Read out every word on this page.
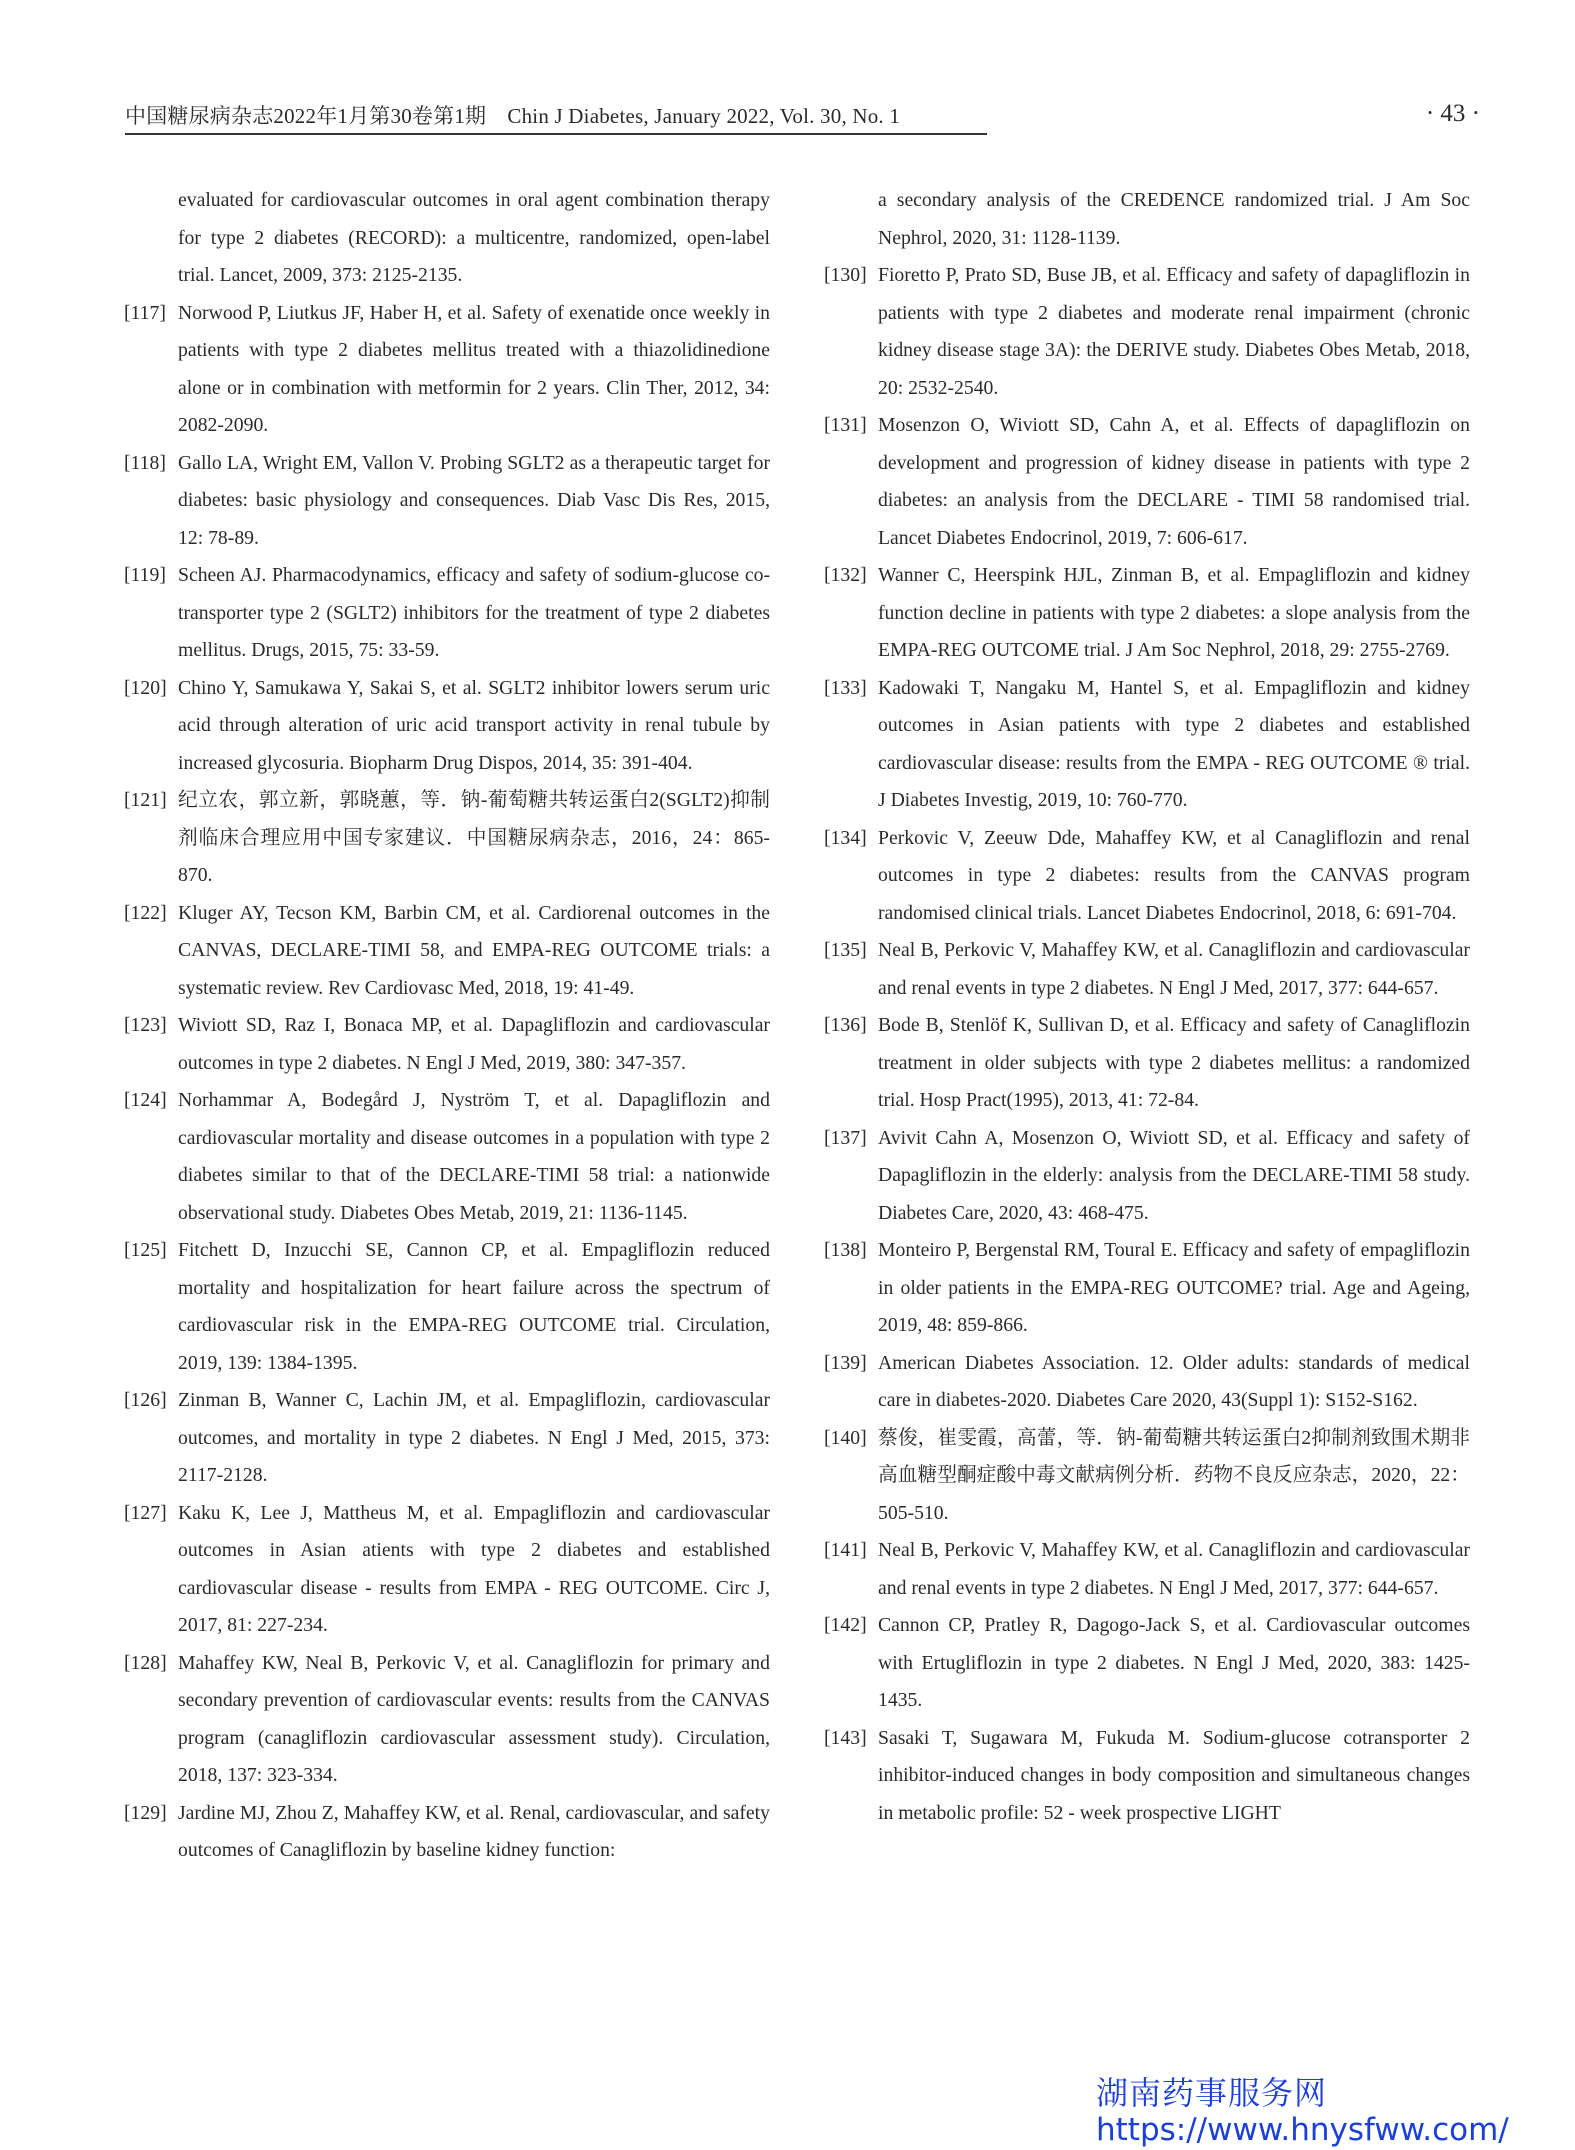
中国糖尿病杂志2022年1月第30卷第1期　Chin J Diabetes, January 2022, Vol. 30, No. 1	· 43 ·

evaluated for cardiovascular outcomes in oral agent combination therapy for type 2 diabetes (RECORD): a multicentre, randomized, open-label trial. Lancet, 2009, 373: 2125-2135.

[117] Norwood P, Liutkus JF, Haber H, et al. Safety of exenatide once weekly in patients with type 2 diabetes mellitus treated with a thiazolidinedione alone or in combination with metformin for 2 years. Clin Ther, 2012, 34: 2082-2090.

[118] Gallo LA, Wright EM, Vallon V. Probing SGLT2 as a therapeutic target for diabetes: basic physiology and consequences. Diab Vasc Dis Res, 2015, 12: 78-89.

[119] Scheen AJ. Pharmacodynamics, efficacy and safety of sodium-glucose co-transporter type 2 (SGLT2) inhibitors for the treatment of type 2 diabetes mellitus. Drugs, 2015, 75: 33-59.

[120] Chino Y, Samukawa Y, Sakai S, et al. SGLT2 inhibitor lowers serum uric acid through alteration of uric acid transport activity in renal tubule by increased glycosuria. Biopharm Drug Dispos, 2014, 35: 391-404.

[121] 纪立农，郭立新，郭晓蕙，等．钠-葡萄糖共转运蛋白2(SGLT2)抑制剂临床合理应用中国专家建议．中国糖尿病杂志，2016，24：865-870.

[122] Kluger AY, Tecson KM, Barbin CM, et al. Cardiorenal outcomes in the CANVAS, DECLARE-TIMI 58, and EMPA-REG OUTCOME trials: a systematic review. Rev Cardiovasc Med, 2018, 19: 41-49.

[123] Wiviott SD, Raz I, Bonaca MP, et al. Dapagliflozin and cardiovascular outcomes in type 2 diabetes. N Engl J Med, 2019, 380: 347-357.

[124] Norhammar A, Bodegård J, Nyström T, et al. Dapagliflozin and cardiovascular mortality and disease outcomes in a population with type 2 diabetes similar to that of the DECLARE-TIMI 58 trial: a nationwide observational study. Diabetes Obes Metab, 2019, 21: 1136-1145.

[125] Fitchett D, Inzucchi SE, Cannon CP, et al. Empagliflozin reduced mortality and hospitalization for heart failure across the spectrum of cardiovascular risk in the EMPA-REG OUTCOME trial. Circulation, 2019, 139: 1384-1395.

[126] Zinman B, Wanner C, Lachin JM, et al. Empagliflozin, cardiovascular outcomes, and mortality in type 2 diabetes. N Engl J Med, 2015, 373: 2117-2128.

[127] Kaku K, Lee J, Mattheus M, et al. Empagliflozin and cardiovascular outcomes in Asian atients with type 2 diabetes and established cardiovascular disease - results from EMPA - REG OUTCOME. Circ J, 2017, 81: 227-234.

[128] Mahaffey KW, Neal B, Perkovic V, et al. Canagliflozin for primary and secondary prevention of cardiovascular events: results from the CANVAS program (canagliflozin cardiovascular assessment study). Circulation, 2018, 137: 323-334.

[129] Jardine MJ, Zhou Z, Mahaffey KW, et al. Renal, cardiovascular, and safety outcomes of Canagliflozin by baseline kidney function:

a secondary analysis of the CREDENCE randomized trial. J Am Soc Nephrol, 2020, 31: 1128-1139.

[130] Fioretto P, Prato SD, Buse JB, et al. Efficacy and safety of dapagliflozin in patients with type 2 diabetes and moderate renal impairment (chronic kidney disease stage 3A): the DERIVE study. Diabetes Obes Metab, 2018, 20: 2532-2540.

[131] Mosenzon O, Wiviott SD, Cahn A, et al. Effects of dapagliflozin on development and progression of kidney disease in patients with type 2 diabetes: an analysis from the DECLARE - TIMI 58 randomised trial. Lancet Diabetes Endocrinol, 2019, 7: 606-617.

[132] Wanner C, Heerspink HJL, Zinman B, et al. Empagliflozin and kidney function decline in patients with type 2 diabetes: a slope analysis from the EMPA-REG OUTCOME trial. J Am Soc Nephrol, 2018, 29: 2755-2769.

[133] Kadowaki T, Nangaku M, Hantel S, et al. Empagliflozin and kidney outcomes in Asian patients with type 2 diabetes and established cardiovascular disease: results from the EMPA - REG OUTCOME ® trial. J Diabetes Investig, 2019, 10: 760-770.

[134] Perkovic V, Zeeuw Dde, Mahaffey KW, et al Canagliflozin and renal outcomes in type 2 diabetes: results from the CANVAS program randomised clinical trials. Lancet Diabetes Endocrinol, 2018, 6: 691-704.

[135] Neal B, Perkovic V, Mahaffey KW, et al. Canagliflozin and cardiovascular and renal events in type 2 diabetes. N Engl J Med, 2017, 377: 644-657.

[136] Bode B, Stenlöf K, Sullivan D, et al. Efficacy and safety of Canagliflozin treatment in older subjects with type 2 diabetes mellitus: a randomized trial. Hosp Pract(1995), 2013, 41: 72-84.

[137] Avivit Cahn A, Mosenzon O, Wiviott SD, et al. Efficacy and safety of Dapagliflozin in the elderly: analysis from the DECLARE-TIMI 58 study. Diabetes Care, 2020, 43: 468-475.

[138] Monteiro P, Bergenstal RM, Toural E. Efficacy and safety of empagliflozin in older patients in the EMPA-REG OUTCOME? trial. Age and Ageing, 2019, 48: 859-866.

[139] American Diabetes Association. 12. Older adults: standards of medical care in diabetes-2020. Diabetes Care 2020, 43(Suppl 1): S152-S162.

[140] 蔡俊，崔雯霞，高蕾，等．钠-葡萄糖共转运蛋白2抑制剂致围术期非高血糖型酮症酸中毒文献病例分析．药物不良反应杂志，2020，22：505-510.

[141] Neal B, Perkovic V, Mahaffey KW, et al. Canagliflozin and cardiovascular and renal events in type 2 diabetes. N Engl J Med, 2017, 377: 644-657.

[142] Cannon CP, Pratley R, Dagogo-Jack S, et al. Cardiovascular outcomes with Ertugliflozin in type 2 diabetes. N Engl J Med, 2020, 383: 1425-1435.

[143] Sasaki T, Sugawara M, Fukuda M. Sodium-glucose cotransporter 2 inhibitor-induced changes in body composition and simultaneous changes in metabolic profile: 52 - week prospective LIGHT

湖南药事服务网
https://www.hnysfww.com/
